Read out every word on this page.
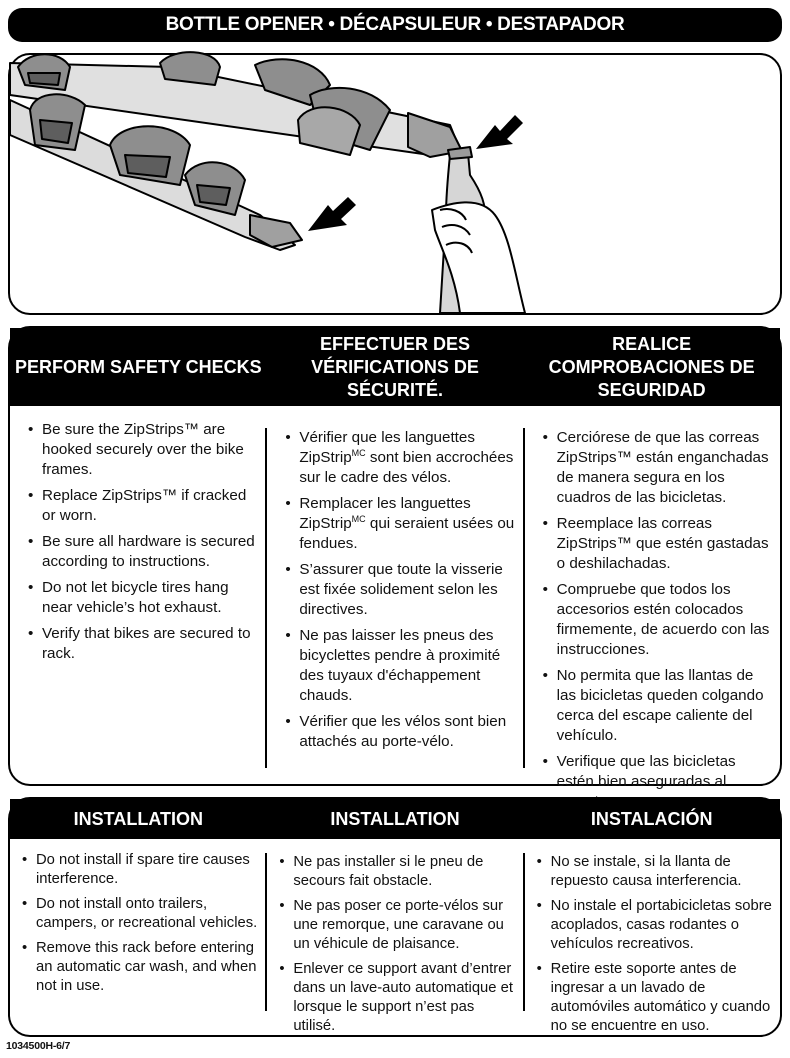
BOTTLE OPENER • DÉCAPSULEUR • DESTAPADOR
PERFORM SAFETY CHECKS
EFFECTUER DES VÉRIFICATIONS DE SÉCURITÉ.
REALICE COMPROBACIONES DE SEGURIDAD
• Be sure the ZipStrips™ are hooked securely over the bike frames.
• Replace ZipStrips™ if cracked or worn.
• Be sure all hardware is secured according to instructions.
• Do not let bicycle tires hang near vehicle’s hot exhaust.
• Verify that bikes are secured to rack.
• Vérifier que les languettes ZipStrip$^{MC}$ sont bien accrochées sur le cadre des vélos.
• Remplacer les languettes ZipStrip$^{MC}$ qui seraient usées ou fendues.
• S’assurer que toute la visserie est fixée solidement selon les directives.
• Ne pas laisser les pneus des bicyclettes pendre à proximité des tuyaux d'échappement chauds.
• Vérifier que les vélos sont bien attachés au porte-vélo.
• Cerciórese de que las correas ZipStrips™ están enganchadas de manera segura en los cuadros de las bicicletas.
• Reemplace las correas ZipStrips™ que estén gastadas o deshilachadas.
• Compruebe que todos los accesorios estén colocados firmemente, de acuerdo con las instrucciones.
• No permita que las llantas de las bicicletas queden colgando cerca del escape caliente del vehículo.
• Verifique que las bicicletas estén bien aseguradas al
INSTALLATION	INSTALLATION	INSTALACIÓN
• Do not install if spare tire causes interference.
• Do not install onto trailers, campers, or recreational vehicles.
• Remove this rack before entering an automatic car wash, and when not in use.
• Ne pas installer si le pneu de secours fait obstacle.
• Ne pas poser ce porte-vélos sur une remorque, une caravane ou un véhicule de plaisance.
• Enlever ce support avant d’entrer dans un lave-auto automatique et lorsque le support n’est pas utilisé.
• No se instale, si la llanta de repuesto causa interferencia.
• No instale el portabicicletas sobre acoplados, casas rodantes o vehículos recreativos.
• Retire este soporte antes de ingresar a un lavado de automóviles automático y cuando no se encuentre en uso.
1034500H-6/7
